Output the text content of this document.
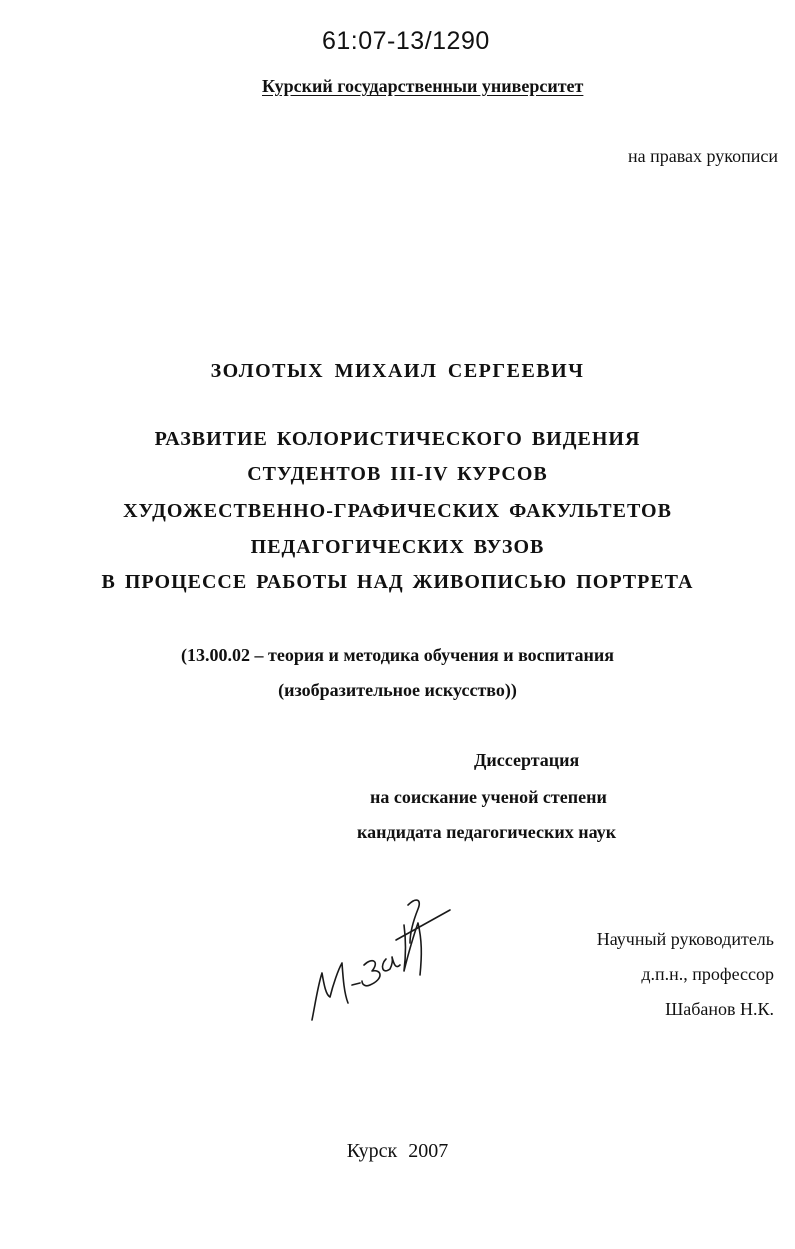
61:07-13/1290
Курский государственныи университет
на правах рукописи
ЗОЛОТЫХ МИХАИЛ СЕРГЕЕВИЧ
РАЗВИТИЕ КОЛОРИСТИЧЕСКОГО ВИДЕНИЯ
СТУДЕНТОВ III-IV КУРСОВ
ХУДОЖЕСТВЕННО-ГРАФИЧЕСКИХ ФАКУЛЬТЕТОВ
ПЕДАГОГИЧЕСКИХ ВУЗОВ
В ПРОЦЕССЕ РАБОТЫ НАД ЖИВОПИСЬЮ ПОРТРЕТА
(13.00.02 – теория и методика обучения и воспитания
(изобразительное искусство))
Диссертация
на соискание ученой степени
кандидата педагогических наук
Научный руководитель
д.п.н., профессор
Шабанов Н.К.
Курск 2007
